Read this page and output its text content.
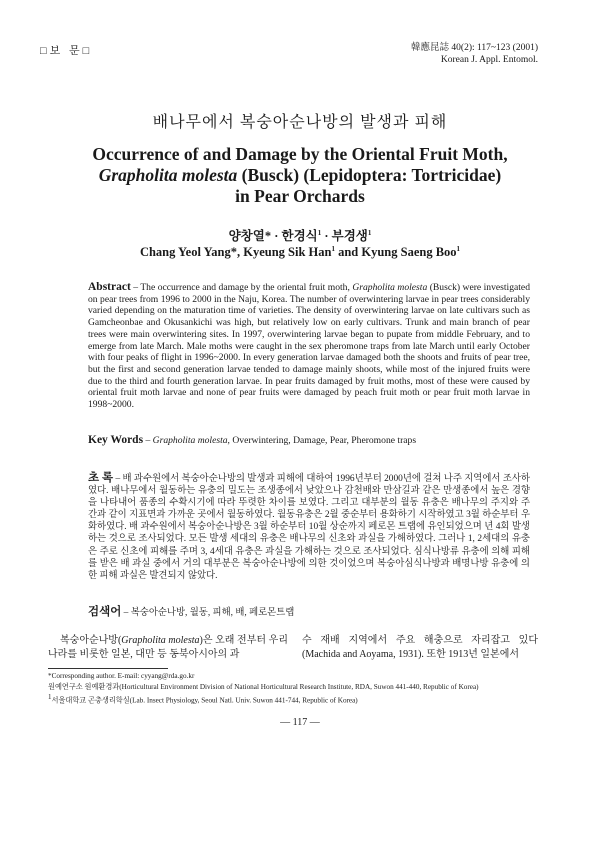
□보 문□	韓應昆誌 40(2): 117~123 (2001)
Korean J. Appl. Entomol.
배나무에서 복숭아순나방의 발생과 피해
Occurrence of and Damage by the Oriental Fruit Moth,
Grapholita molesta (Busck) (Lepidoptera: Tortricidae)
in Pear Orchards
양창열* · 한경식$^1$ · 부경생$^1$
Chang Yeol Yang*, Kyeung Sik Han$^1$ and Kyung Saeng Boo$^1$
Abstract – The occurrence and damage by the oriental fruit moth, Grapholita molesta (Busck) were investigated on pear trees from 1996 to 2000 in the Naju, Korea. The number of overwintering larvae in pear trees considerably varied depending on the maturation time of varieties. The density of overwintering larvae on late cultivars such as Gamcheonbae and Okusankichi was high, but relatively low on early cultivars. Trunk and main branch of pear trees were main overwintering sites. In 1997, overwintering larvae began to pupate from middle February, and to emerge from late March. Male moths were caught in the sex pheromone traps from late March until early October with four peaks of flight in 1996~2000. In every generation larvae damaged both the shoots and fruits of pear tree, but the first and second generation larvae tended to damage mainly shoots, while most of the injured fruits were due to the third and fourth generation larvae. In pear fruits damaged by fruit moths, most of these were caused by oriental fruit moth larvae and none of pear fruits were damaged by peach fruit moth or pear fruit moth larvae in 1998~2000.
Key Words – Grapholita molesta, Overwintering, Damage, Pear, Pheromone traps
초 록 – 배 과수원에서 복숭아순나방의 발생과 피해에 대하여 1996년부터 2000년에 걸쳐 나주 지역에서 조사하였다. 배나무에서 월동하는 유충의 밀도는 조생종에서 낮았으나 감천배와 만삼길과 같은 만생종에서 높은 경향을 나타내어 품종의 수확시기에 따라 뚜렷한 차이를 보였다. 그리고 대부분의 월동 유충은 배나무의 주지와 주간과 같이 지표면과 가까운 곳에서 월동하였다. 월동유충은 2월 중순부터 용화하기 시작하였고 3월 하순부터 우화하였다. 배 과수원에서 복숭아순나방은 3월 하순부터 10월 상순까지 페로몬 트랩에 유인되었으며 년 4회 발생하는 것으로 조사되었다. 모든 발생 세대의 유충은 배나무의 신초와 과실을 가해하였다. 그러나 1, 2세대의 유충은 주로 신초에 피해를 주며 3, 4세대 유충은 과실을 가해하는 것으로 조사되었다. 심식나방류 유충에 의해 피해를 받은 배 과실 중에서 거의 대부분은 복숭아순나방에 의한 것이었으며 복숭아심식나방과 배명나방 유충에 의한 피해 과실은 발견되지 않았다.
검색어 – 복숭아순나방, 월동, 피해, 배, 페로몬트랩
복숭아순나방(Grapholita molesta)은 오래 전부터 우리 나라를 비롯한 일본, 대만 등 동북아시아의 과
수 재배 지역에서 주요 해충으로 자리잡고 있다 (Machida and Aoyama, 1931). 또한 1913년 일본에서
*Corresponding author. E-mail: cyyang@rda.go.kr
원예연구소 원예환경과(Horticultural Environment Division of National Horticultural Research Institute, RDA, Suwon 441-440, Republic of Korea)
$^1$서울대학교 곤충생리학실(Lab. Insect Physiology, Seoul Natl. Univ. Suwon 441-744, Republic of Korea)
— 117 —
